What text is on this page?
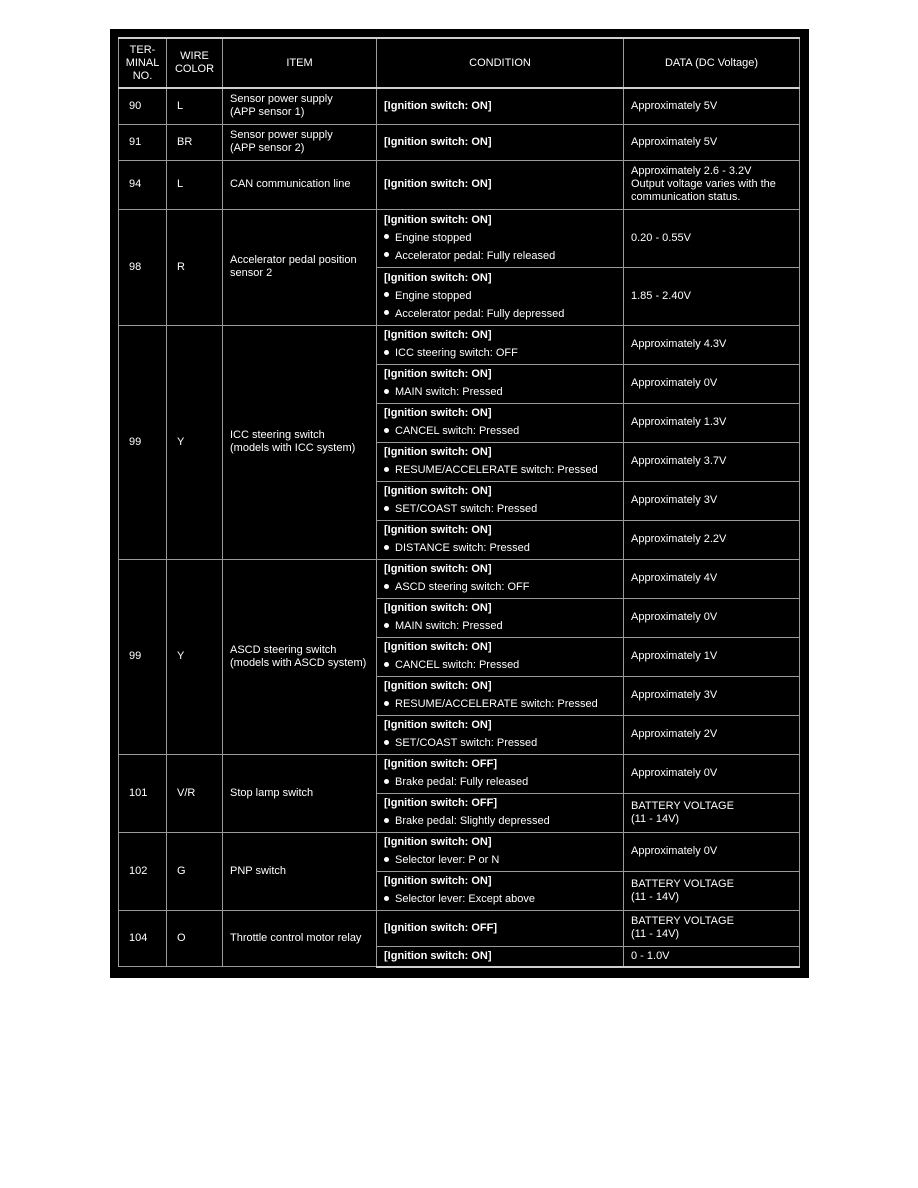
TER-
MINAL
NO.	WIRE
COLOR	ITEM	CONDITION	DATA (DC Voltage)
90	L	Sensor power supply
(APP sensor 1)	[Ignition switch: ON]	Approximately 5V
91	BR	Sensor power supply
(APP sensor 2)	[Ignition switch: ON]	Approximately 5V
94	L	CAN communication line	[Ignition switch: ON]	Approximately 2.6 - 3.2V
Output voltage varies with the
communication status.

98	R	Accelerator pedal position
sensor 2	[Ignition switch: ON]
Engine stopped
Accelerator pedal: Fully released	0.20 - 0.55V

			[Ignition switch: ON]
Engine stopped
Accelerator pedal: Fully depressed	1.85 - 2.40V
99	Y	ICC steering switch
(models with ICC system)	[Ignition switch: ON]
ICC steering switch: OFF	Approximately 4.3V

			[Ignition switch: ON]
MAIN switch: Pressed	Approximately 0V

			[Ignition switch: ON]
CANCEL switch: Pressed	Approximately 1.3V

			[Ignition switch: ON]
RESUME/ACCELERATE switch: Pressed	Approximately 3.7V

			[Ignition switch: ON]
SET/COAST switch: Pressed	Approximately 3V

			[Ignition switch: ON]
DISTANCE switch: Pressed	Approximately 2.2V
99	Y	ASCD steering switch
(models with ASCD system)	[Ignition switch: ON]
ASCD steering switch: OFF	Approximately 4V

			[Ignition switch: ON]
MAIN switch: Pressed	Approximately 0V

			[Ignition switch: ON]
CANCEL switch: Pressed	Approximately 1V

			[Ignition switch: ON]
RESUME/ACCELERATE switch: Pressed	Approximately 3V

			[Ignition switch: ON]
SET/COAST switch: Pressed	Approximately 2V
101	V/R	Stop lamp switch	[Ignition switch: OFF]
Brake pedal: Fully released	Approximately 0V

			[Ignition switch: OFF]
Brake pedal: Slightly depressed	BATTERY VOLTAGE
(11 - 14V)

102	G	PNP switch	[Ignition switch: ON]
Selector lever: P or N	Approximately 0V

			[Ignition switch: ON]
Selector lever: Except above	BATTERY VOLTAGE
(11 - 14V)

104	O	Throttle control motor relay	[Ignition switch: OFF]	BATTERY VOLTAGE
(11 - 14V)

			[Ignition switch: ON]	0 - 1.0V
